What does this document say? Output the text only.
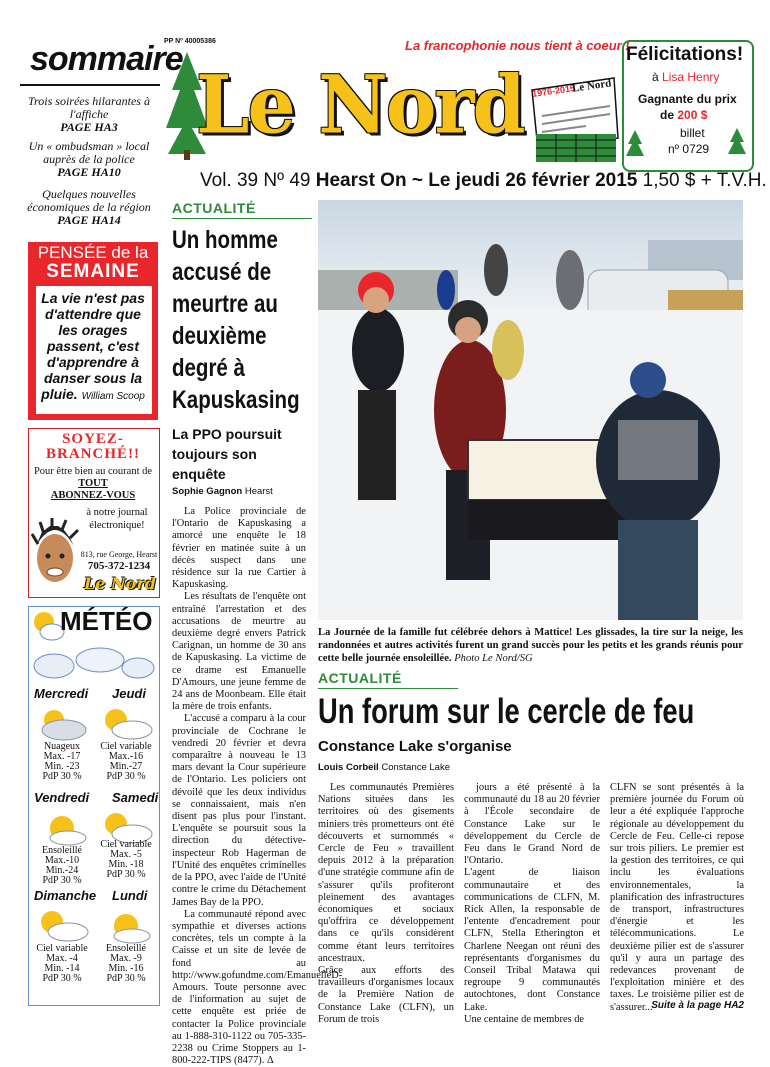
sommaire
Trois soirées hilarantes à l'affiche
PAGE HA3
Un « ombudsman » local auprès de la police
PAGE HA10
Quelques nouvelles économiques de la région
PAGE HA14
PENSÉE de la
SEMAINE
La vie n'est pas d'attendre que les orages passent, c'est d'apprendre à danser sous la pluie. William Scoop
SOYEZ-
BRANCHÉ!!
Pour être bien au courant de
TOUT
ABONNEZ-VOUS
à notre journal
électronique!
813, rue George, Hearst
705-372-1234
Le Nord
MÉTÉO
Mercredi Jeudi
Nuageux
Max. -17
Min. -23
PdP 30 %
Ciel variable
Max.-16
Min.-27
PdP 30 %
Vendredi Samedi
Ensoleillé
Max.-10
Min.-24
PdP 30 %
Ciel variable
Max. -5
Min. -18
PdP 30 %
Dimanche Lundi
Ciel variable
Max. -4
Min. -14
PdP 30 %
Ensoleillé
Max. -9
Min. -16
PdP 30 %
PP Nº 40005386	La francophonie nous tient à coeur !
Le Nord 1976-2015
Le Nord
Vol. 39 Nº 49 Hearst On ~ Le jeudi 26 février 2015 1,50 $ + T.V.H.
Félicitations!
à Lisa Henry
Gagnante du prix
de 200 $
billet
nº 0729
ACTUALITÉ
Un homme
accusé de
meurtre au
deuxième
degré à
Kapuskasing
La PPO poursuit toujours son enquête
Sophie Gagnon Hearst

La Police provinciale de l'Ontario de Kapuskasing a amorcé une enquête le 18 février en matinée suite à un décès suspect dans une résidence sur la rue Cartier à Kapuskasing.

Les résultats de l'enquête ont entraîné l'arrestation et des accusations de meurtre au deuxième degré envers Patrick Carignan, un homme de 30 ans de Kapuskasing. La victime de ce drame est Emanuelle D'Amours, une jeune femme de 24 ans de Moonbeam. Elle était la mère de trois enfants.

L'accusé a comparu à la cour provinciale de Cochrane le vendredi 20 février et devra comparaître à nouveau le 13 mars devant la Cour supérieure de l'Ontario. Les policiers ont dévoilé que les deux individus se connaissaient, mais n'en disent pas plus pour l'instant. L'enquête se poursuit sous la direction du détective-inspecteur Rob Hagerman de l'Unité des enquêtes criminelles de la PPO, avec l'aide de l'Unité contre le crime du Détachement James Bay de la PPO.

La communauté répond avec sympathie et diverses actions concrètes, tels un compte à la Caisse et un site de levée de fond au http://www.gofundme.com/EmanuelleD-Amours. Toute personne avec de l'information au sujet de cette enquête est priée de contacter la Police provinciale au 1-888-310-1122 ou 705-335-2238 ou Crime Stoppers au 1-800-222-TIPS (8477). Δ

La Journée de la famille fut célébrée dehors à Mattice! Les glissades, la tire sur la neige, les randonnées et autres activités furent un grand succès pour les petits et les grands réunis pour cette belle journée ensoleillée. Photo Le Nord/SG
ACTUALITÉ
Un forum sur le cercle de feu
Constance Lake s'organise
Louis Corbeil Constance Lake
Les communautés Premières Nations situées dans les territoires où des gisements miniers très prometteurs ont été découverts et surnommés « Cercle de Feu » travaillent depuis 2012 à la préparation d'une stratégie commune afin de s'assurer qu'ils profiteront pleinement des avantages économiques et sociaux qu'offrira ce développement dans ce qu'ils considèrent comme étant leurs territoires ancestraux.
Grâce aux efforts des travailleurs d'organismes locaux de la Première Nation de Constance Lake (CLFN), un Forum de trois
jours a été présenté à la communauté du 18 au 20 février à l'École secondaire de Constance Lake sur le développement du Cercle de Feu dans le Grand Nord de l'Ontario.
L'agent de liaison communautaire et des communications de CLFN, M. Rick Allen, la responsable de l'entente d'encadrement pour CLFN, Stella Etherington et Charlene Neegan ont réuni des représentants d'organismes du Conseil Tribal Matawa qui regroupe 9 communautés autochtones, dont Constance Lake.
Une centaine de membres de
CLFN se sont présentés à la première journée du Forum où leur a été expliquée l'approche régionale au développement du Cercle de Feu. Celle-ci repose sur trois piliers. Le premier est la gestion des territoires, ce qui inclu les évaluations environnementales, la planification des infrastructures de transport, infrastructures d'énergie et les télécommunications. Le deuxième pilier est de s'assurer qu'il y aura un partage des redevances provenant de l'exploitation minière et des taxes. Le troisième pilier est de s'assurer...
Suite à la page HA2
